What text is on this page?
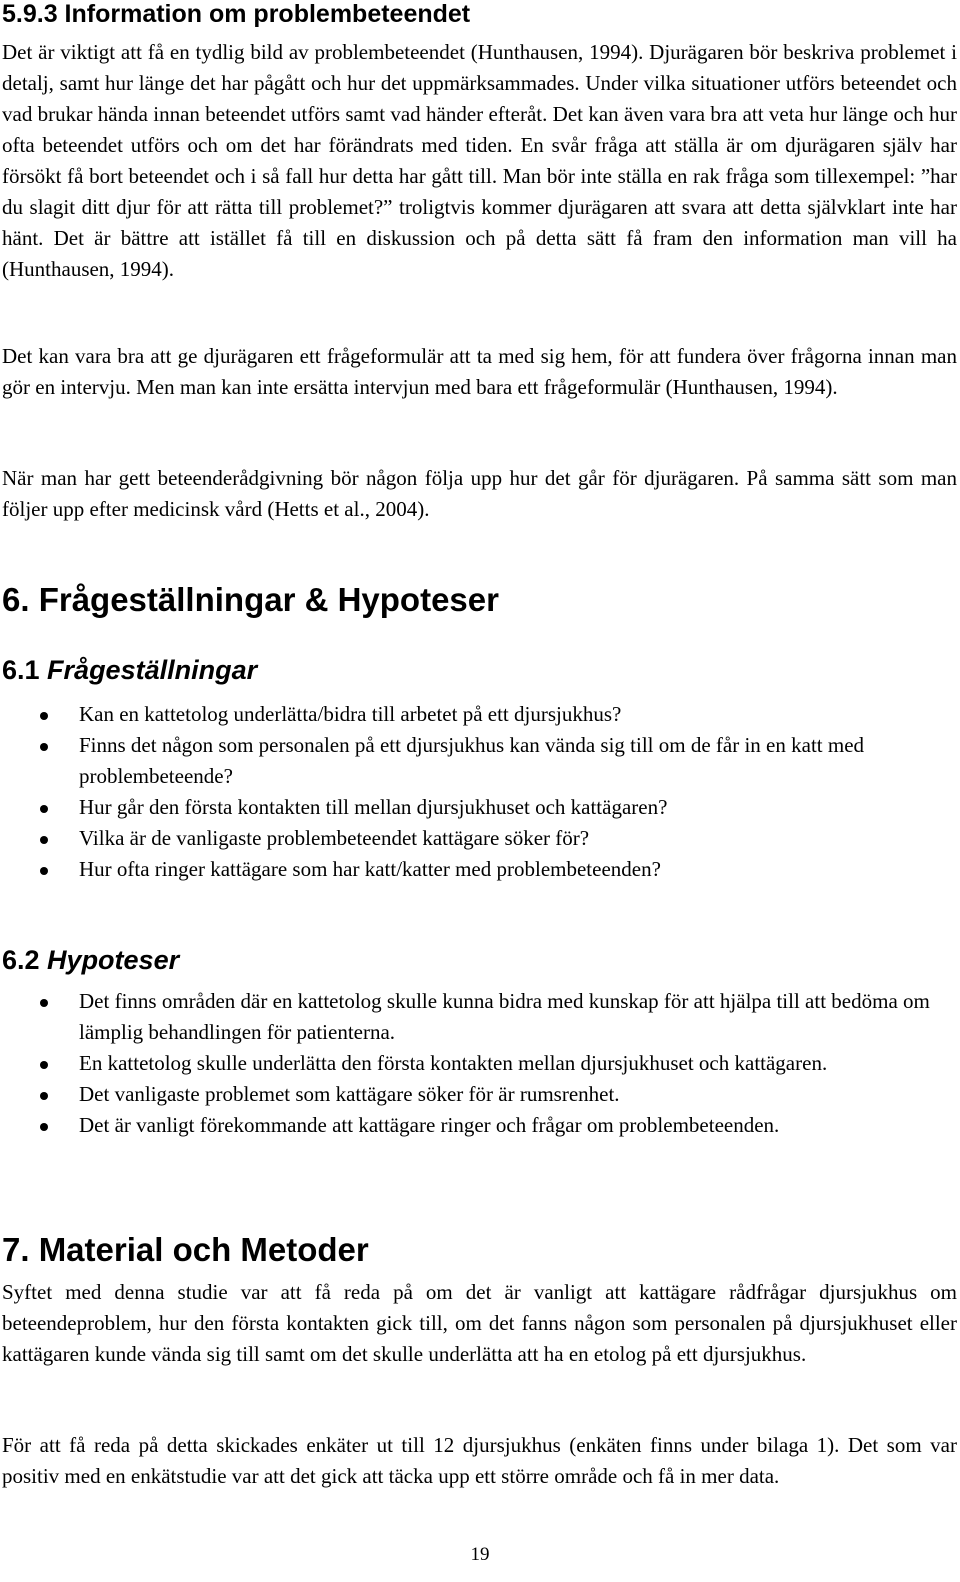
5.9.3 Information om problembeteendet

Det är viktigt att få en tydlig bild av problembeteendet (Hunthausen, 1994). Djurägaren bör beskriva problemet i detalj, samt hur länge det har pågått och hur det uppmärksammades. Under vilka situationer utförs beteendet och vad brukar hända innan beteendet utförs samt vad händer efteråt. Det kan även vara bra att veta hur länge och hur ofta beteendet utförs och om det har förändrats med tiden. En svår fråga att ställa är om djurägaren själv har försökt få bort beteendet och i så fall hur detta har gått till. Man bör inte ställa en rak fråga som tillexempel: ”har du slagit ditt djur för att rätta till problemet?” troligtvis kommer djurägaren att svara att detta självklart inte har hänt. Det är bättre att istället få till en diskussion och på detta sätt få fram den information man vill ha (Hunthausen, 1994).

Det kan vara bra att ge djurägaren ett frågeformulär att ta med sig hem, för att fundera över frågorna innan man gör en intervju. Men man kan inte ersätta intervjun med bara ett frågeformulär (Hunthausen, 1994).

När man har gett beteenderådgivning bör någon följa upp hur det går för djurägaren. På samma sätt som man följer upp efter medicinsk vård (Hetts et al., 2004).

6. Frågeställningar & Hypoteser
6.1 Frågeställningar
Kan en kattetolog underlätta/bidra till arbetet på ett djursjukhus?
Finns det någon som personalen på ett djursjukhus kan vända sig till om de får in en katt med problembeteende?
Hur går den första kontakten till mellan djursjukhuset och kattägaren?
Vilka är de vanligaste problembeteendet kattägare söker för?
Hur ofta ringer kattägare som har katt/katter med problembeteenden?
6.2 Hypoteser
Det finns områden där en kattetolog skulle kunna bidra med kunskap för att hjälpa till att bedöma om lämplig behandlingen för patienterna.
En kattetolog skulle underlätta den första kontakten mellan djursjukhuset och kattägaren.
Det vanligaste problemet som kattägare söker för är rumsrenhet.
Det är vanligt förekommande att kattägare ringer och frågar om problembeteenden.
7. Material och Metoder

Syftet med denna studie var att få reda på om det är vanligt att kattägare rådfrågar djursjukhus om beteendeproblem, hur den första kontakten gick till, om det fanns någon som personalen på djursjukhuset eller kattägaren kunde vända sig till samt om det skulle underlätta att ha en etolog på ett djursjukhus.

För att få reda på detta skickades enkäter ut till 12 djursjukhus (enkäten finns under bilaga 1). Det som var positiv med en enkätstudie var att det gick att täcka upp ett större område och få in mer data.

19
